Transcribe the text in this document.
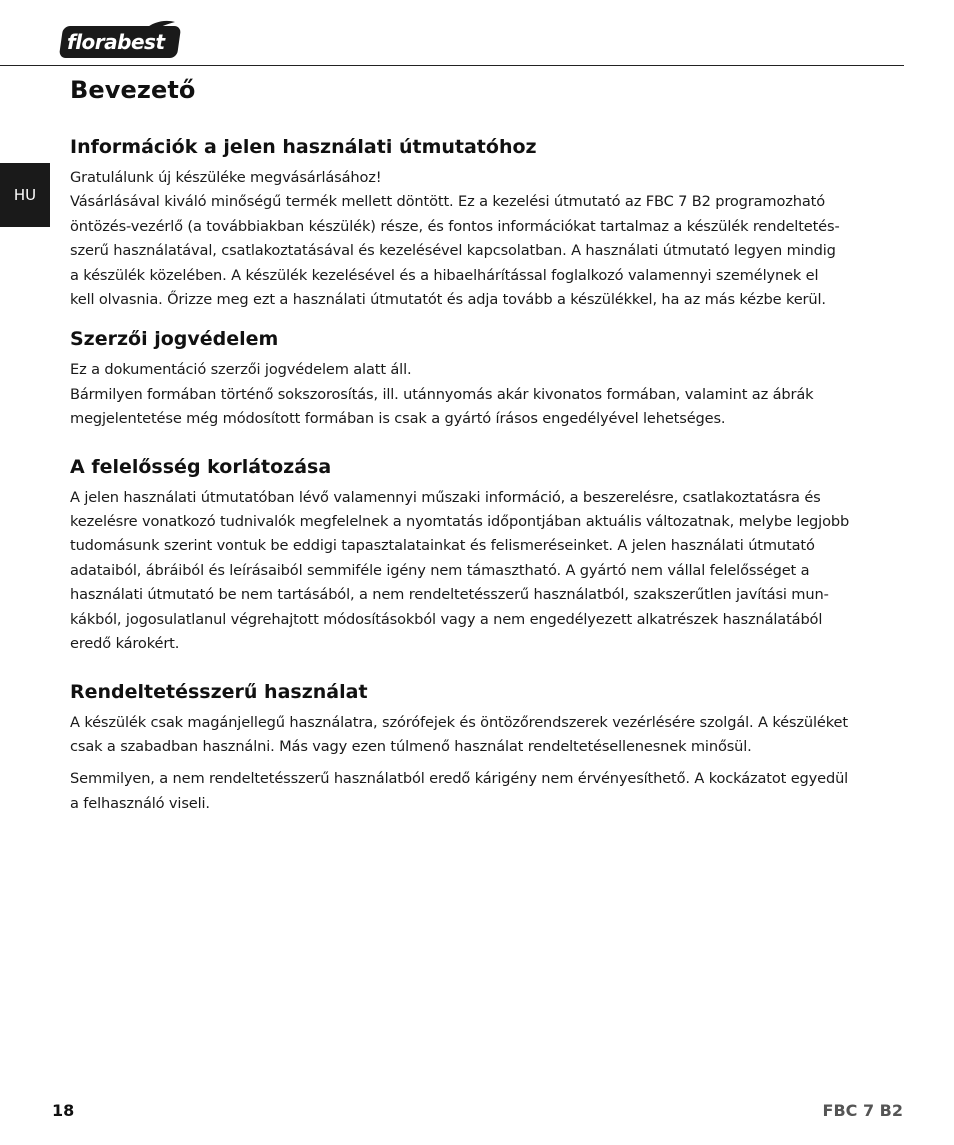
florabest
HU
Bevezető
Információk a jelen használati útmutatóhoz

Gratulálunk új készüléke megvásárlásához!
Vásárlásával kiváló minőségű termék mellett döntött. Ez a kezelési útmutató az FBC 7 B2 programozható
öntözés-vezérlő (a továbbiakban készülék) része, és fontos információkat tartalmaz a készülék rendeltetés-
szerű használatával, csatlakoztatásával és kezelésével kapcsolatban. A használati útmutató legyen mindig
a készülék közelében. A készülék kezelésével és a hibaelhárítással foglalkozó valamennyi személynek el
kell olvasnia. Őrizze meg ezt a használati útmutatót és adja tovább a készülékkel, ha az más kézbe kerül.

Szerzői jogvédelem

Ez a dokumentáció szerzői jogvédelem alatt áll.
Bármilyen formában történő sokszorosítás, ill. utánnyomás akár kivonatos formában, valamint az ábrák
megjelentetése még módosított formában is csak a gyártó írásos engedélyével lehetséges.

A felelősség korlátozása

A jelen használati útmutatóban lévő valamennyi műszaki információ, a beszerelésre, csatlakoztatásra és
kezelésre vonatkozó tudnivalók megfelelnek a nyomtatás időpontjában aktuális változatnak, melybe legjobb
tudomásunk szerint vontuk be eddigi tapasztalatainkat és felismeréseinket. A jelen használati útmutató
adataiból, ábráiból és leírásaiból semmiféle igény nem támasztható. A gyártó nem vállal felelősséget a
használati útmutató be nem tartásából, a nem rendeltetésszerű használatból, szakszerűtlen javítási mun-
kákból, jogosulatlanul végrehajtott módosításokból vagy a nem engedélyezett alkatrészek használatából
eredő károkért.

Rendeltetésszerű használat

A készülék csak magánjellegű használatra, szórófejek és öntözőrendszerek vezérlésére szolgál. A készüléket
csak a szabadban használni. Más vagy ezen túlmenő használat rendeltetésellenesnek minősül.

Semmilyen, a nem rendeltetésszerű használatból eredő kárigény nem érvényesíthető. A kockázatot egyedül
a felhasználó viseli.

18	FBC 7 B2
